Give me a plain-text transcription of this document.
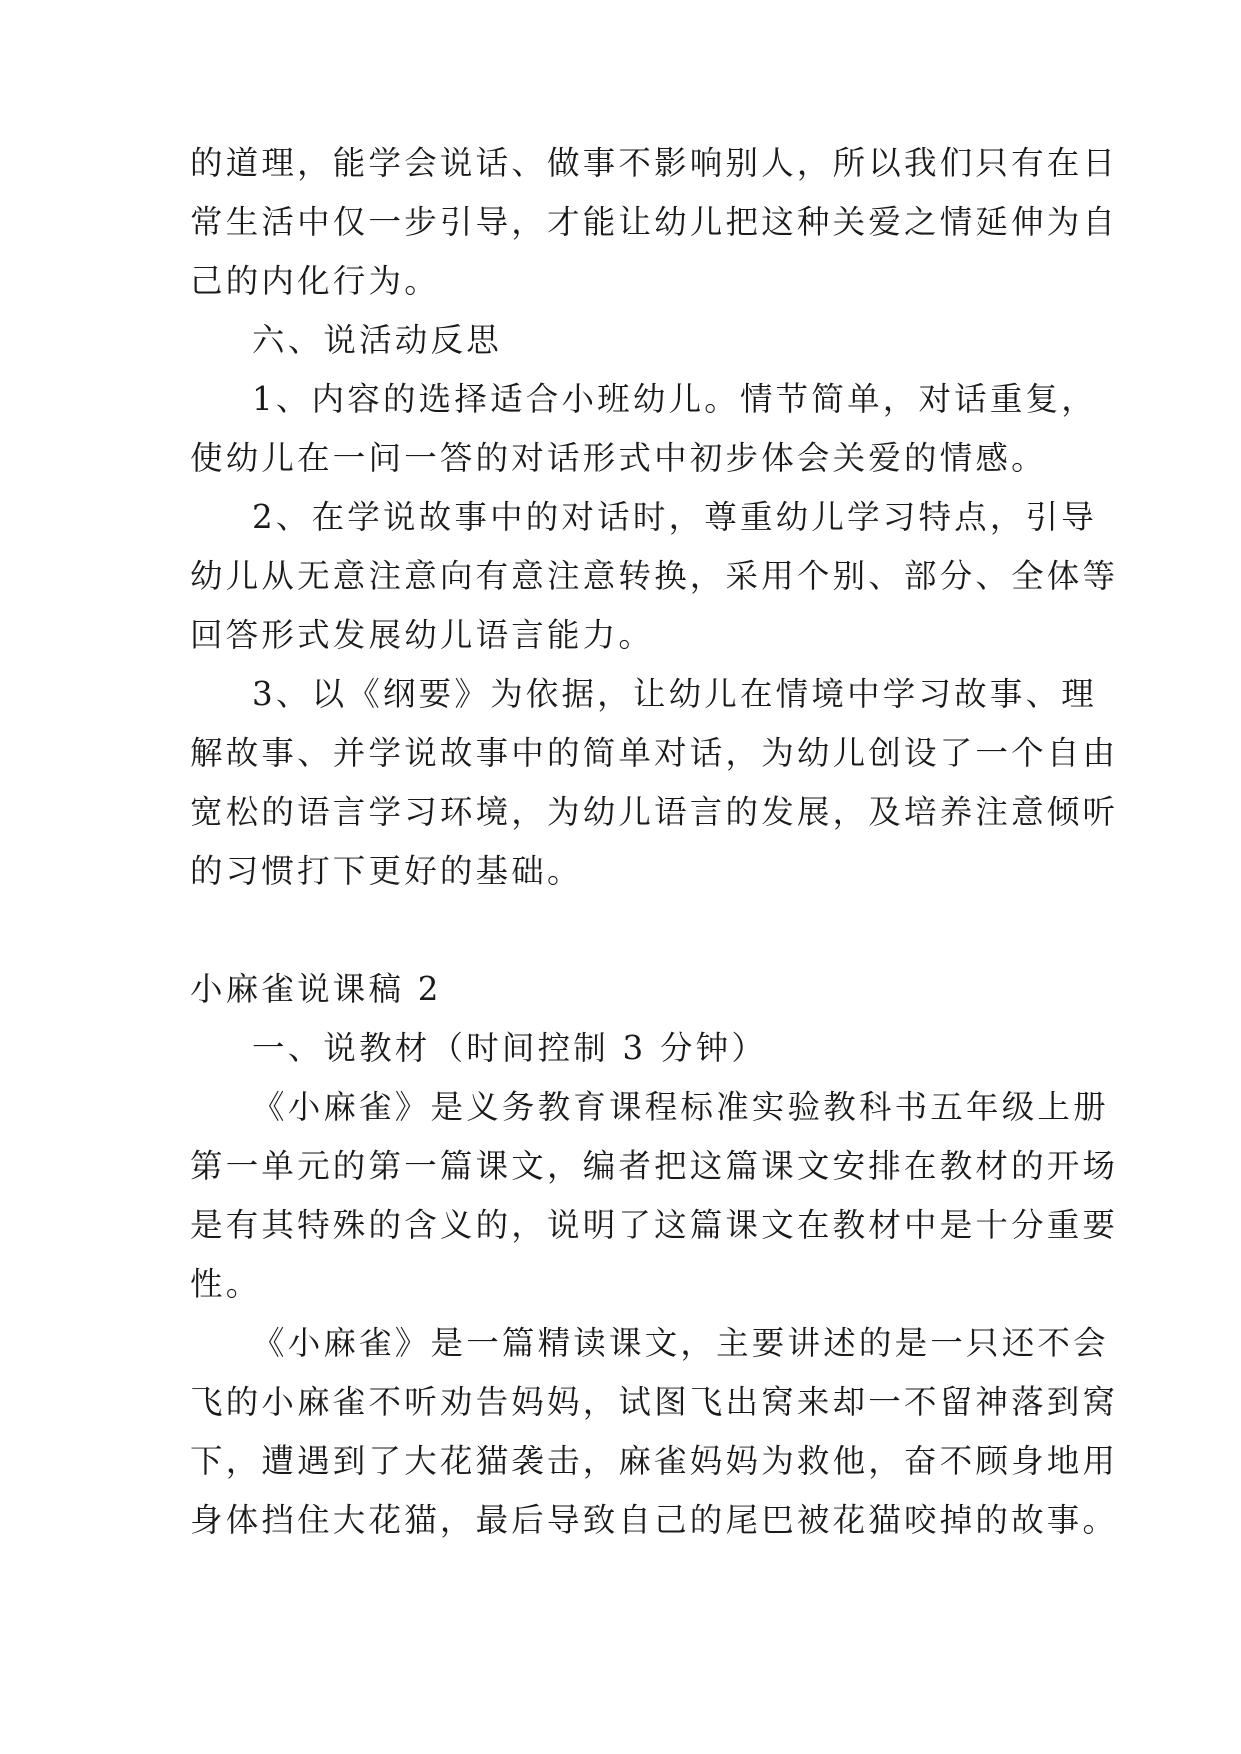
的道理，能学会说话、做事不影响别人，所以我们只有在日
常生活中仅一步引导，才能让幼儿把这种关爱之情延伸为自
己的内化行为。
六、说活动反思
1、内容的选择适合小班幼儿。情节简单，对话重复，
使幼儿在一问一答的对话形式中初步体会关爱的情感。
2、在学说故事中的对话时，尊重幼儿学习特点，引导
幼儿从无意注意向有意注意转换，采用个别、部分、全体等
回答形式发展幼儿语言能力。
3、以《纲要》为依据，让幼儿在情境中学习故事、理
解故事、并学说故事中的简单对话，为幼儿创设了一个自由
宽松的语言学习环境，为幼儿语言的发展，及培养注意倾听
的习惯打下更好的基础。
小麻雀说课稿 2
一、说教材（时间控制 3 分钟）
《小麻雀》是义务教育课程标准实验教科书五年级上册
第一单元的第一篇课文，编者把这篇课文安排在教材的开场
是有其特殊的含义的，说明了这篇课文在教材中是十分重要
性。
《小麻雀》是一篇精读课文，主要讲述的是一只还不会
飞的小麻雀不听劝告妈妈，试图飞出窝来却一不留神落到窝
下，遭遇到了大花猫袭击，麻雀妈妈为救他，奋不顾身地用
身体挡住大花猫，最后导致自己的尾巴被花猫咬掉的故事。
